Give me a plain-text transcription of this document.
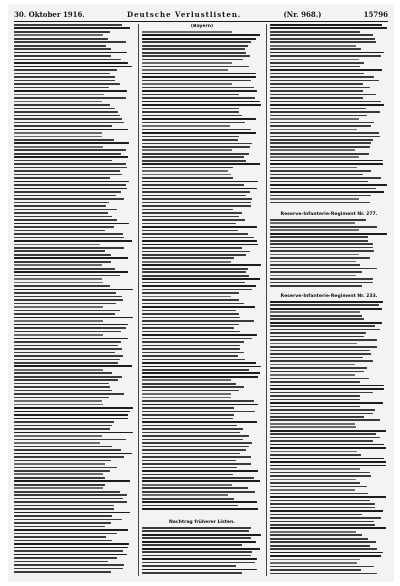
30. Oktober 1916.	Deutsche Verlustlisten.	(Nr. 968.)	15796
(Bayern)
Nachtrag früherer Listen.
Reserve-Infanterie-Regiment Nr. 277.
Reserve-Infanterie-Regiment Nr. 233.
